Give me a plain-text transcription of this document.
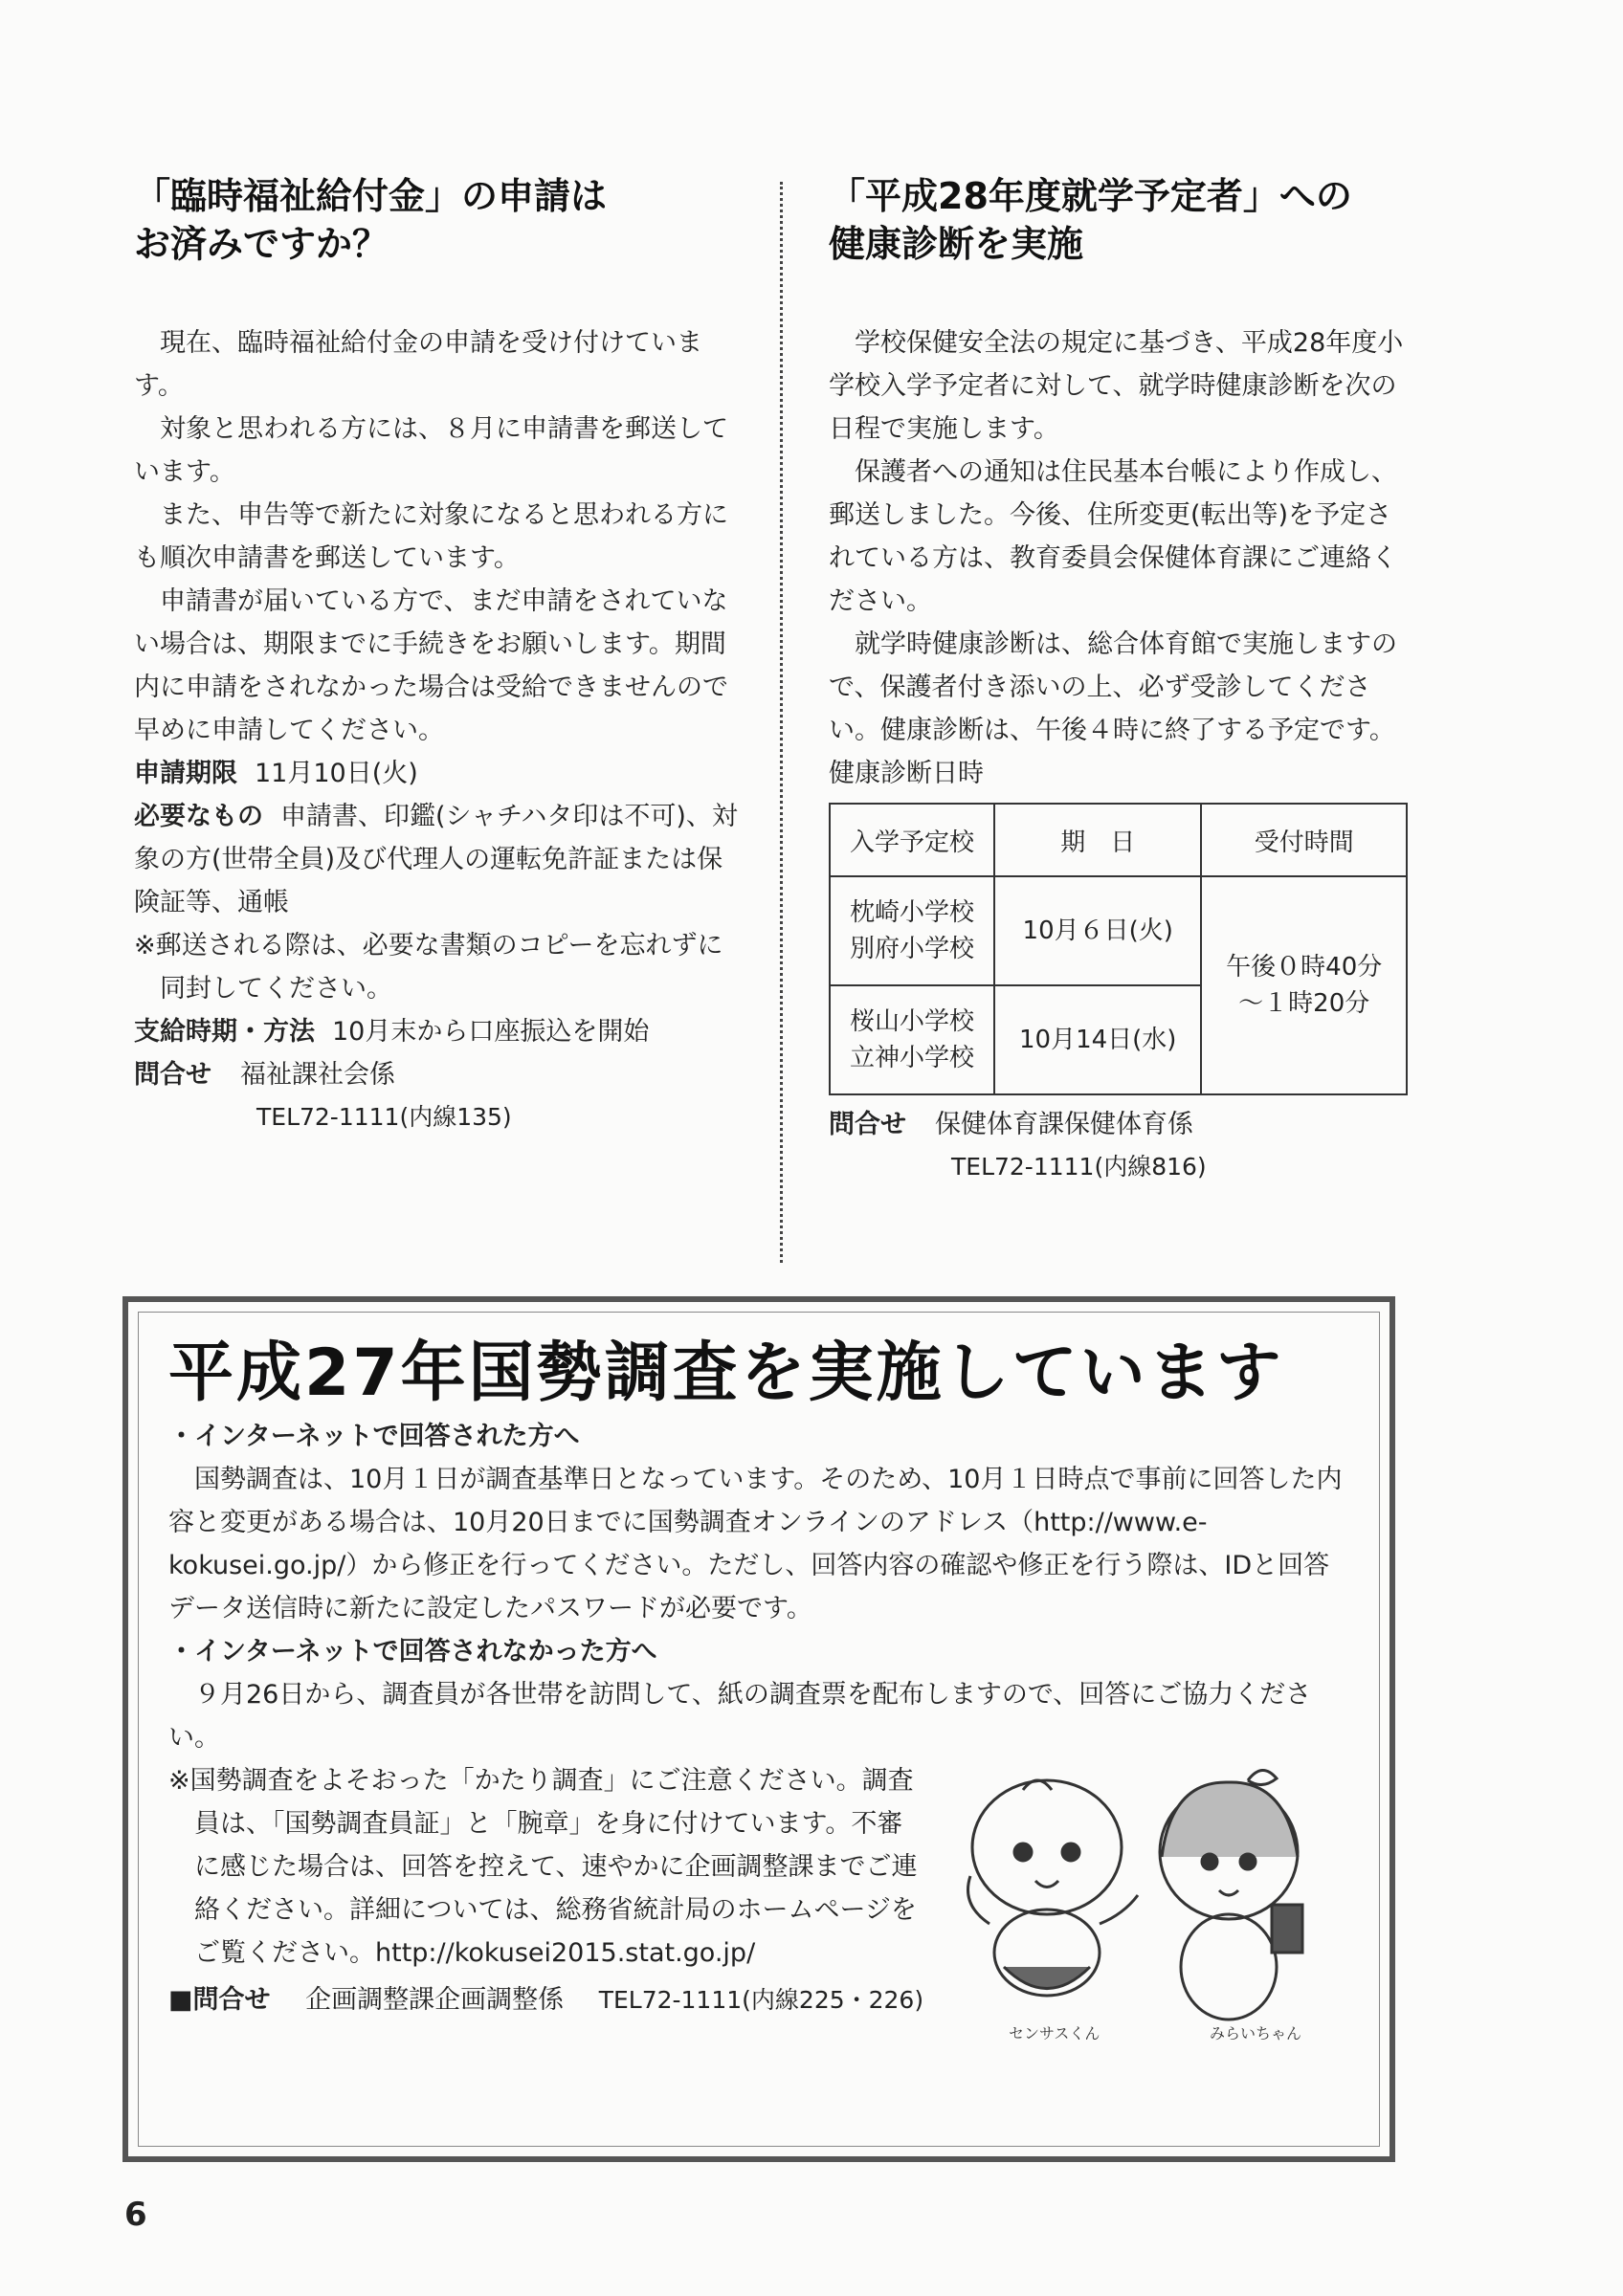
「臨時福祉給付金」の申請は
お済みですか？

現在、臨時福祉給付金の申請を受け付けています。

対象と思われる方には、８月に申請書を郵送しています。

また、申告等で新たに対象になると思われる方にも順次申請書を郵送しています。

申請書が届いている方で、まだ申請をされていない場合は、期限までに手続きをお願いします。期間内に申請をされなかった場合は受給できませんので早めに申請してください。

申請期限 11月10日(火)

必要なもの 申請書、印鑑(シャチハタ印は不可)、対象の方(世帯全員)及び代理人の運転免許証または保険証等、通帳

※郵送される際は、必要な書類のコピーを忘れずに同封してください。

支給時期・方法 10月末から口座振込を開始

問合せ 福祉課社会係

TEL72-1111(内線135)

「平成28年度就学予定者」への
健康診断を実施

学校保健安全法の規定に基づき、平成28年度小学校入学予定者に対して、就学時健康診断を次の日程で実施します。

保護者への通知は住民基本台帳により作成し、郵送しました。今後、住所変更(転出等)を予定されている方は、教育委員会保健体育課にご連絡ください。

就学時健康診断は、総合体育館で実施しますので、保護者付き添いの上、必ず受診してください。健康診断は、午後４時に終了する予定です。

健康診断日時

入学予定校	期　日	受付時間
枕崎小学校
別府小学校	10月６日(火)	午後０時40分
～１時20分
桜山小学校
立神小学校	10月14日(水)	

問合せ 保健体育課保健体育係

TEL72-1111(内線816)

平成27年国勢調査を実施しています

・インターネットで回答された方へ

国勢調査は、10月１日が調査基準日となっています。そのため、10月１日時点で事前に回答した内容と変更がある場合は、10月20日までに国勢調査オンラインのアドレス（http://www.e-kokusei.go.jp/）から修正を行ってください。ただし、回答内容の確認や修正を行う際は、IDと回答データ送信時に新たに設定したパスワードが必要です。

・インターネットで回答されなかった方へ

９月26日から、調査員が各世帯を訪問して、紙の調査票を配布しますので、回答にご協力ください。

※国勢調査をよそおった「かたり調査」にご注意ください。調査員は、「国勢調査員証」と「腕章」を身に付けています。不審に感じた場合は、回答を控えて、速やかに企画調整課までご連絡ください。詳細については、総務省統計局のホームページをご覧ください。http://kokusei2015.stat.go.jp/

■問合せ 企画調整課企画調整係 TEL72-1111(内線225・226)

センサスくん	みらいちゃん
6
